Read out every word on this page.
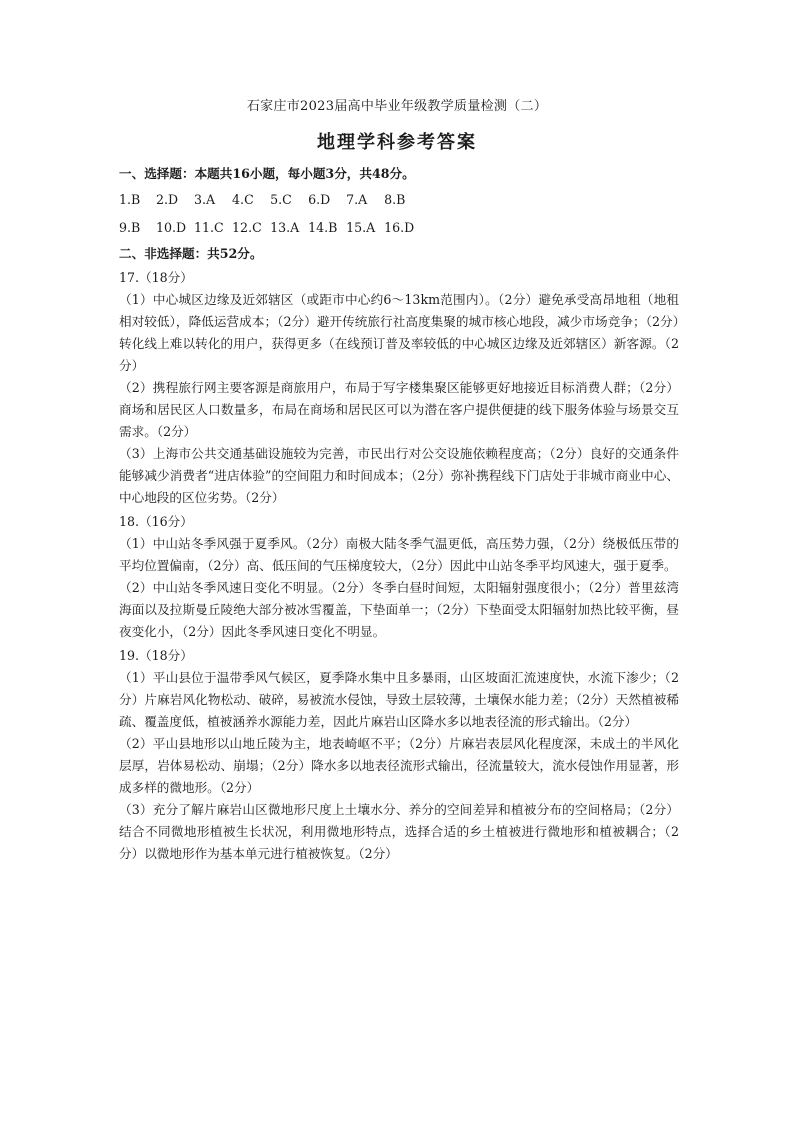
石家庄市2023届高中毕业年级教学质量检测（二）
地理学科参考答案
一、选择题：本题共16小题，每小题3分，共48分。
1.B 2.D 3.A 4.C 5.C 6.D 7.A 8.B
9.B 10.D 11.C 12.C 13.A 14.B 15.A 16.D
二、非选择题：共52分。
17.（18分）

（1）中心城区边缘及近郊辖区（或距市中心约6～13km范围内）。（2分）避免承受高昂地租（地租相对较低），降低运营成本；（2分）避开传统旅行社高度集聚的城市核心地段，减少市场竞争；（2分）转化线上难以转化的用户，获得更多（在线预订普及率较低的中心城区边缘及近郊辖区）新客源。（2分）

（2）携程旅行网主要客源是商旅用户，布局于写字楼集聚区能够更好地接近目标消费人群；（2分）商场和居民区人口数量多，布局在商场和居民区可以为潜在客户提供便捷的线下服务体验与场景交互需求。（2分）

（3）上海市公共交通基础设施较为完善，市民出行对公交设施依赖程度高；（2分）良好的交通条件能够减少消费者“进店体验”的空间阻力和时间成本；（2分）弥补携程线下门店处于非城市商业中心、中心地段的区位劣势。（2分）

18.（16分）

（1）中山站冬季风强于夏季风。（2分）南极大陆冬季气温更低，高压势力强，（2分）绕极低压带的平均位置偏南，（2分）高、低压间的气压梯度较大，（2分）因此中山站冬季平均风速大，强于夏季。

（2）中山站冬季风速日变化不明显。（2分）冬季白昼时间短，太阳辐射强度很小；（2分）普里兹湾海面以及拉斯曼丘陵绝大部分被冰雪覆盖，下垫面单一；（2分）下垫面受太阳辐射加热比较平衡，昼夜变化小，（2分）因此冬季风速日变化不明显。

19.（18分）

（1）平山县位于温带季风气候区，夏季降水集中且多暴雨，山区坡面汇流速度快，水流下渗少；（2分）片麻岩风化物松动、破碎，易被流水侵蚀，导致土层较薄，土壤保水能力差；（2分）天然植被稀疏、覆盖度低，植被涵养水源能力差，因此片麻岩山区降水多以地表径流的形式输出。（2分）

（2）平山县地形以山地丘陵为主，地表崎岖不平；（2分）片麻岩表层风化程度深，未成土的半风化层厚，岩体易松动、崩塌；（2分）降水多以地表径流形式输出，径流量较大，流水侵蚀作用显著，形成多样的微地形。（2分）

（3）充分了解片麻岩山区微地形尺度上土壤水分、养分的空间差异和植被分布的空间格局；（2分）结合不同微地形植被生长状况，利用微地形特点，选择合适的乡土植被进行微地形和植被耦合；（2分）以微地形作为基本单元进行植被恢复。（2分）
